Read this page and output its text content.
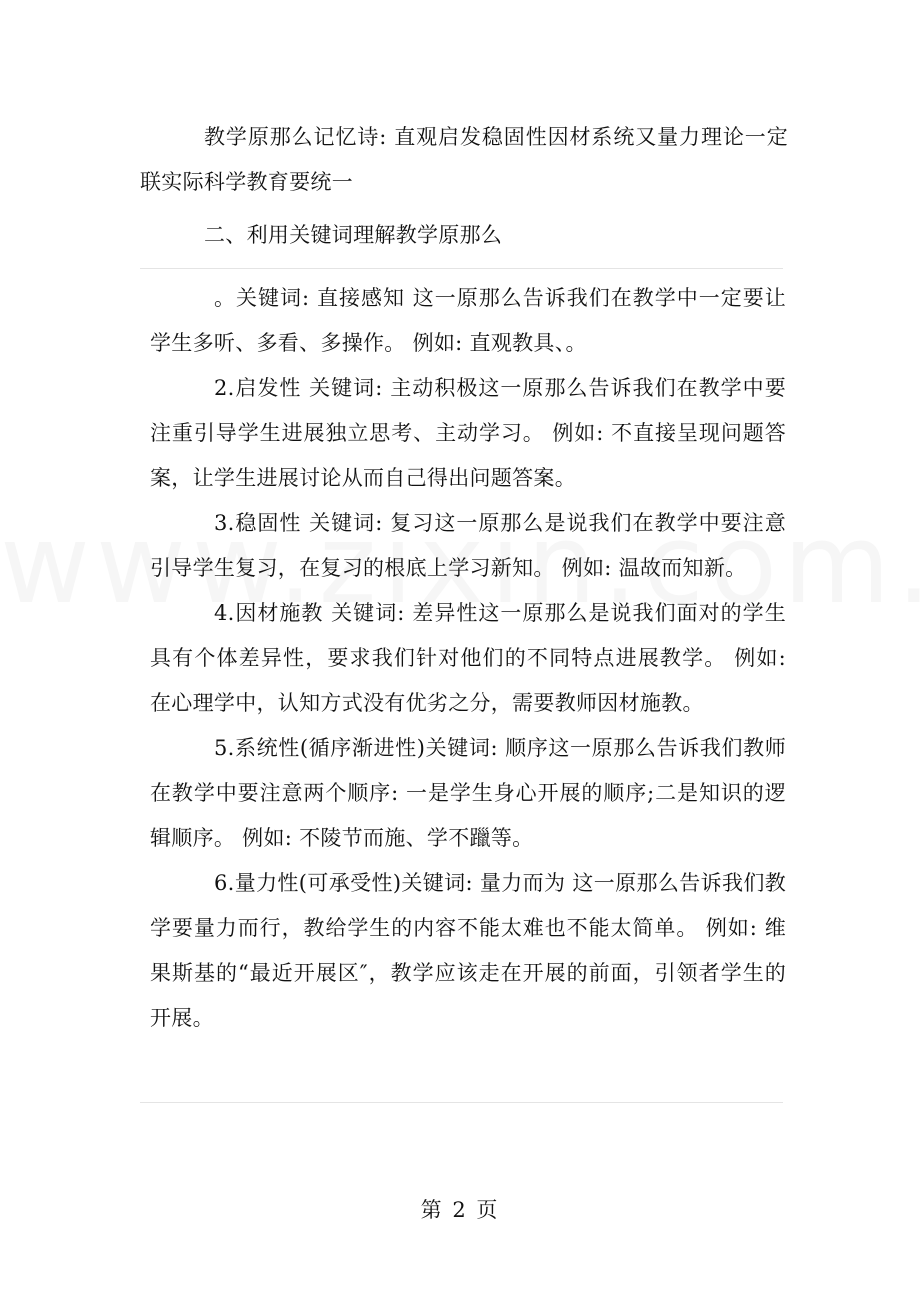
教学原那么记忆诗: 直观启发稳固性因材系统又量力理论一定联实际科学教育要统一

二、利用关键词理解教学原那么

。关键词: 直接感知 这一原那么告诉我们在教学中一定要让学生多听、多看、多操作。 例如: 直观教具、。

2.启发性 关键词: 主动积极这一原那么告诉我们在教学中要注重引导学生进展独立思考、主动学习。 例如: 不直接呈现问题答案，让学生进展讨论从而自己得出问题答案。

3.稳固性 关键词: 复习这一原那么是说我们在教学中要注意引导学生复习，在复习的根底上学习新知。 例如: 温故而知新。

4.因材施教 关键词: 差异性这一原那么是说我们面对的学生具有个体差异性，要求我们针对他们的不同特点进展教学。 例如: 在心理学中，认知方式没有优劣之分，需要教师因材施教。

5.系统性(循序渐进性)关键词: 顺序这一原那么告诉我们教师在教学中要注意两个顺序: 一是学生身心开展的顺序;二是知识的逻辑顺序。 例如: 不陵节而施、学不躐等。

6.量力性(可承受性)关键词: 量力而为 这一原那么告诉我们教学要量力而行，教给学生的内容不能太难也不能太简单。 例如: 维果斯基的“最近开展区″，教学应该走在开展的前面，引领者学生的开展。

第 2 页
